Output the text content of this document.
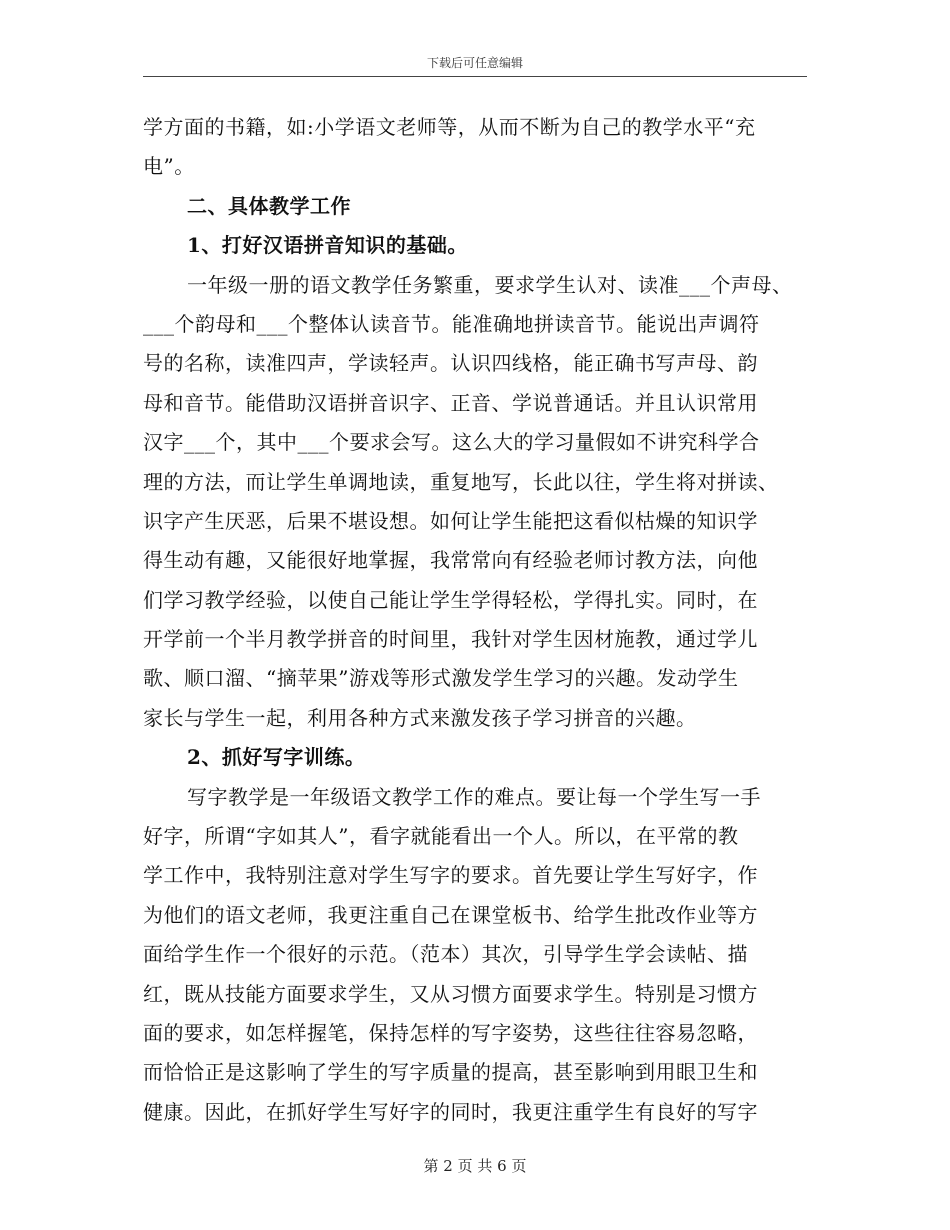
下载后可任意编辑
学方面的书籍，如:小学语文老师等，从而不断为自己的教学水平“充
电”。
二、具体教学工作
1、打好汉语拼音知识的基础。
一年级一册的语文教学任务繁重，要求学生认对、读准___个声母、
___个韵母和___个整体认读音节。能准确地拼读音节。能说出声调符
号的名称，读准四声，学读轻声。认识四线格，能正确书写声母、韵
母和音节。能借助汉语拼音识字、正音、学说普通话。并且认识常用
汉字___个，其中___个要求会写。这么大的学习量假如不讲究科学合
理的方法，而让学生单调地读，重复地写，长此以往，学生将对拼读、
识字产生厌恶，后果不堪设想。如何让学生能把这看似枯燥的知识学
得生动有趣，又能很好地掌握，我常常向有经验老师讨教方法，向他
们学习教学经验，以使自己能让学生学得轻松，学得扎实。同时，在
开学前一个半月教学拼音的时间里，我针对学生因材施教，通过学儿
歌、顺口溜、“摘苹果”游戏等形式激发学生学习的兴趣。发动学生
家长与学生一起，利用各种方式来激发孩子学习拼音的兴趣。
2、抓好写字训练。
写字教学是一年级语文教学工作的难点。要让每一个学生写一手
好字，所谓“字如其人”，看字就能看出一个人。所以，在平常的教
学工作中，我特别注意对学生写字的要求。首先要让学生写好字，作
为他们的语文老师，我更注重自己在课堂板书、给学生批改作业等方
面给学生作一个很好的示范。（范本）其次，引导学生学会读帖、描
红，既从技能方面要求学生，又从习惯方面要求学生。特别是习惯方
面的要求，如怎样握笔，保持怎样的写字姿势，这些往往容易忽略，
而恰恰正是这影响了学生的写字质量的提高，甚至影响到用眼卫生和
健康。因此，在抓好学生写好字的同时，我更注重学生有良好的写字
第 2 页 共 6 页
